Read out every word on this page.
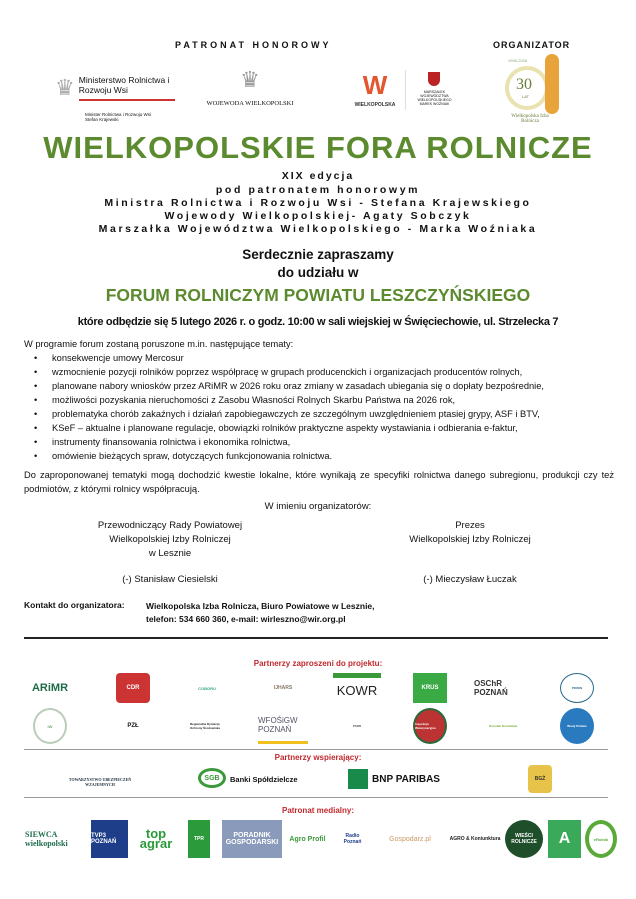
PATRONAT HONOROWY	ORGANIZATOR
♛ Ministerstwo Rolnictwa i Rozwoju Wsi
Minister Rolnictwa i Rozwoju Wsi Stefan Krajewski
♛
WOJEWODA WIELKOPOLSKI
W
WIELKOPOLSKA
MARSZAŁEK WOJEWÓDZTWA WIELKOPOLSKIEGO MAREK WOŹNIAK
1996-2026
30
LAT
Wielkopolska Izba Rolnicza
WIELKOPOLSKIE FORA ROLNICZE
XIX edycja
pod patronatem honorowym
Ministra Rolnictwa i Rozwoju Wsi - Stefana Krajewskiego
Wojewody Wielkopolskiej- Agaty Sobczyk
Marszałka Województwa Wielkopolskiego - Marka Woźniaka
Serdecznie zapraszamy
do udziału w
FORUM ROLNICZYM POWIATU LESZCZYŃSKIEGO
które odbędzie się 5 lutego 2026 r. o godz. 10:00 w sali wiejskiej w Święciechowie, ul. Strzelecka 7
W programie forum zostaną poruszone m.in. następujące tematy:
• konsekwencje umowy Mercosur
• wzmocnienie pozycji rolników poprzez współpracę w grupach producenckich i organizacjach producentów rolnych,
• planowane nabory wniosków przez ARiMR w 2026 roku oraz zmiany w zasadach ubiegania się o dopłaty bezpośrednie,
• możliwości pozyskania nieruchomości z Zasobu Własności Rolnych Skarbu Państwa na 2026 rok,
• problematyka chorób zakaźnych i działań zapobiegawczych ze szczególnym uwzględnieniem ptasiej grypy, ASF i BTV,
• KSeF – aktualne i planowane regulacje, obowiązki rolników praktyczne aspekty wystawiania i odbierania e-faktur,
• instrumenty finansowania rolnictwa i ekonomika rolnictwa,
• omówienie bieżących spraw, dotyczących funkcjonowania rolnictwa.
Do zaproponowanej tematyki mogą dochodzić kwestie lokalne, które wynikają ze specyfiki rolnictwa danego subregionu, produkcji czy też podmiotów, z którymi rolnicy współpracują.
W imieniu organizatorów:
Przewodniczący Rady Powiatowej
Wielkopolskiej Izby Rolniczej
w Lesznie
(-) Stanisław Ciesielski
Prezes
Wielkopolskiej Izby Rolniczej
(-) Mieczysław Łuczak
Kontakt do organizatora:	Wielkopolska Izba Rolnicza, Biuro Powiatowe w Lesznie,
telefon: 534 660 360, e-mail: wirleszno@wir.org.pl
Partnerzy zaproszeni do projektu:
ARiMR	CDR	COBORU	IJHARS	KOWR	KRUS	OSChR POZNAŃ	PIORiN
IW	PZŁ	Regionalna Dyrekcja Ochrony Środowiska
WFOŚiGW POZNAŃ	PSRR	Inspekcja Weterynaryjna	Ośrodek Doradztwa	Wody Polskie
Partnerzy wspierający:
TOWARZYSTWO UBEZPIECZEŃ WZAJEMNYCH
SGB	Banki Spółdzielcze	BNP PARIBAS	BGŻ
Patronat medialny:
SIEWCA wielkopolski
TVP3 POZNAŃ
top agrar	TPR	PORADNIK GOSPODARSKI	Agro Profil	Radio Poznań	Gospodarz.pl	AGRO & Koniunktura	WIEŚCI ROLNICZE	A	eRolnik
